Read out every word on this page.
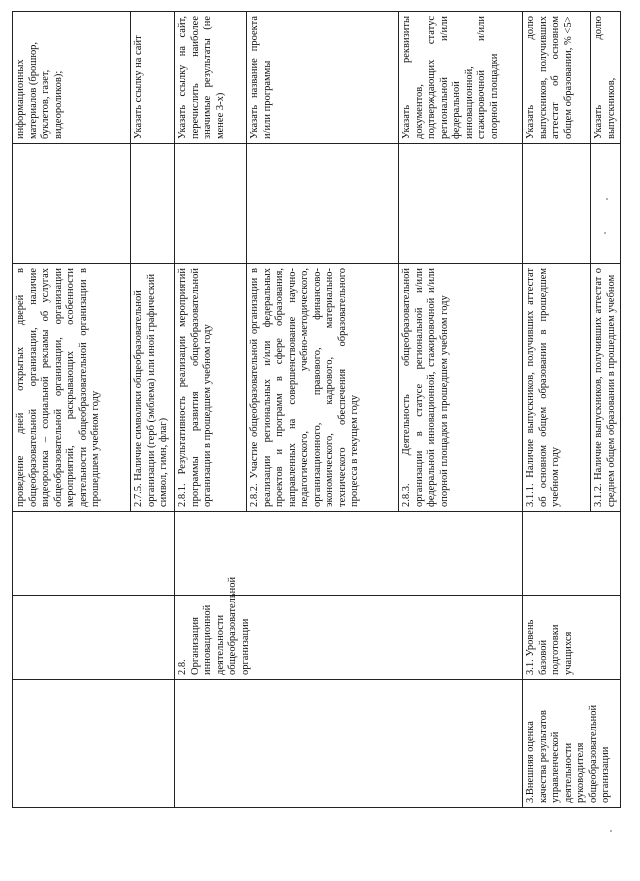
			проведение дней открытых дверей в общеобразовательной организации, наличие видеоролика – социальной рекламы об услугах общеобразовательной организации, организации мероприятий, раскрывающих особенности деятельности общеобразовательной организации в прошедшем учебном году		информационных материалов (брошюр, буклетов, газет, видеороликов);
			2.7.5. Наличие символики общеобразовательной организации (герб (эмблема) или иной графический символ, гимн, флаг)		Указать ссылку на сайт
	2.8. Организация инновационной деятельности общеобразовательной организации		2.8.1. Результативность реализации мероприятий программы развития общеобразовательной организации в прошедшем учебном году		Указать ссылку на сайт, перечислить наиболее значимые результаты (не менее 3-х)
			2.8.2. Участие общеобразовательной организации в реализации региональных и/или федеральных проектов и программ в сфере образования, направленных на совершенствование научно-педагогического, учебно-методического, организационного, правового, финансово-экономического, кадрового, материально-технического обеспечения образовательного процесса в текущем году		Указать название проекта и/или программы
			2.8.3. Деятельность общеобразовательной организации в статусе региональной и/или федеральной инновационной, стажировочной и/или опорной площадки в прошедшем учебном году		Указать реквизиты документов, подтверждающих статус региональной и/или федеральной инновационной, стажировочной и/или опорной площадки
3.Внешняя оценка качества результатов управленческой деятельности руководителя общеобразовательной организации	3.1. Уровень базовой подготовки учащихся		3.1.1. Наличие выпускников, получивших аттестат об основном общем образовании в прошедшем учебном году		Указать долю выпускников, получивших аттестат об основном общем образовании, % <5>
			3.1.2. Наличие выпускников, получивших аттестат о среднем общем образовании в прошедшем учебном		Указать долю выпускников,
